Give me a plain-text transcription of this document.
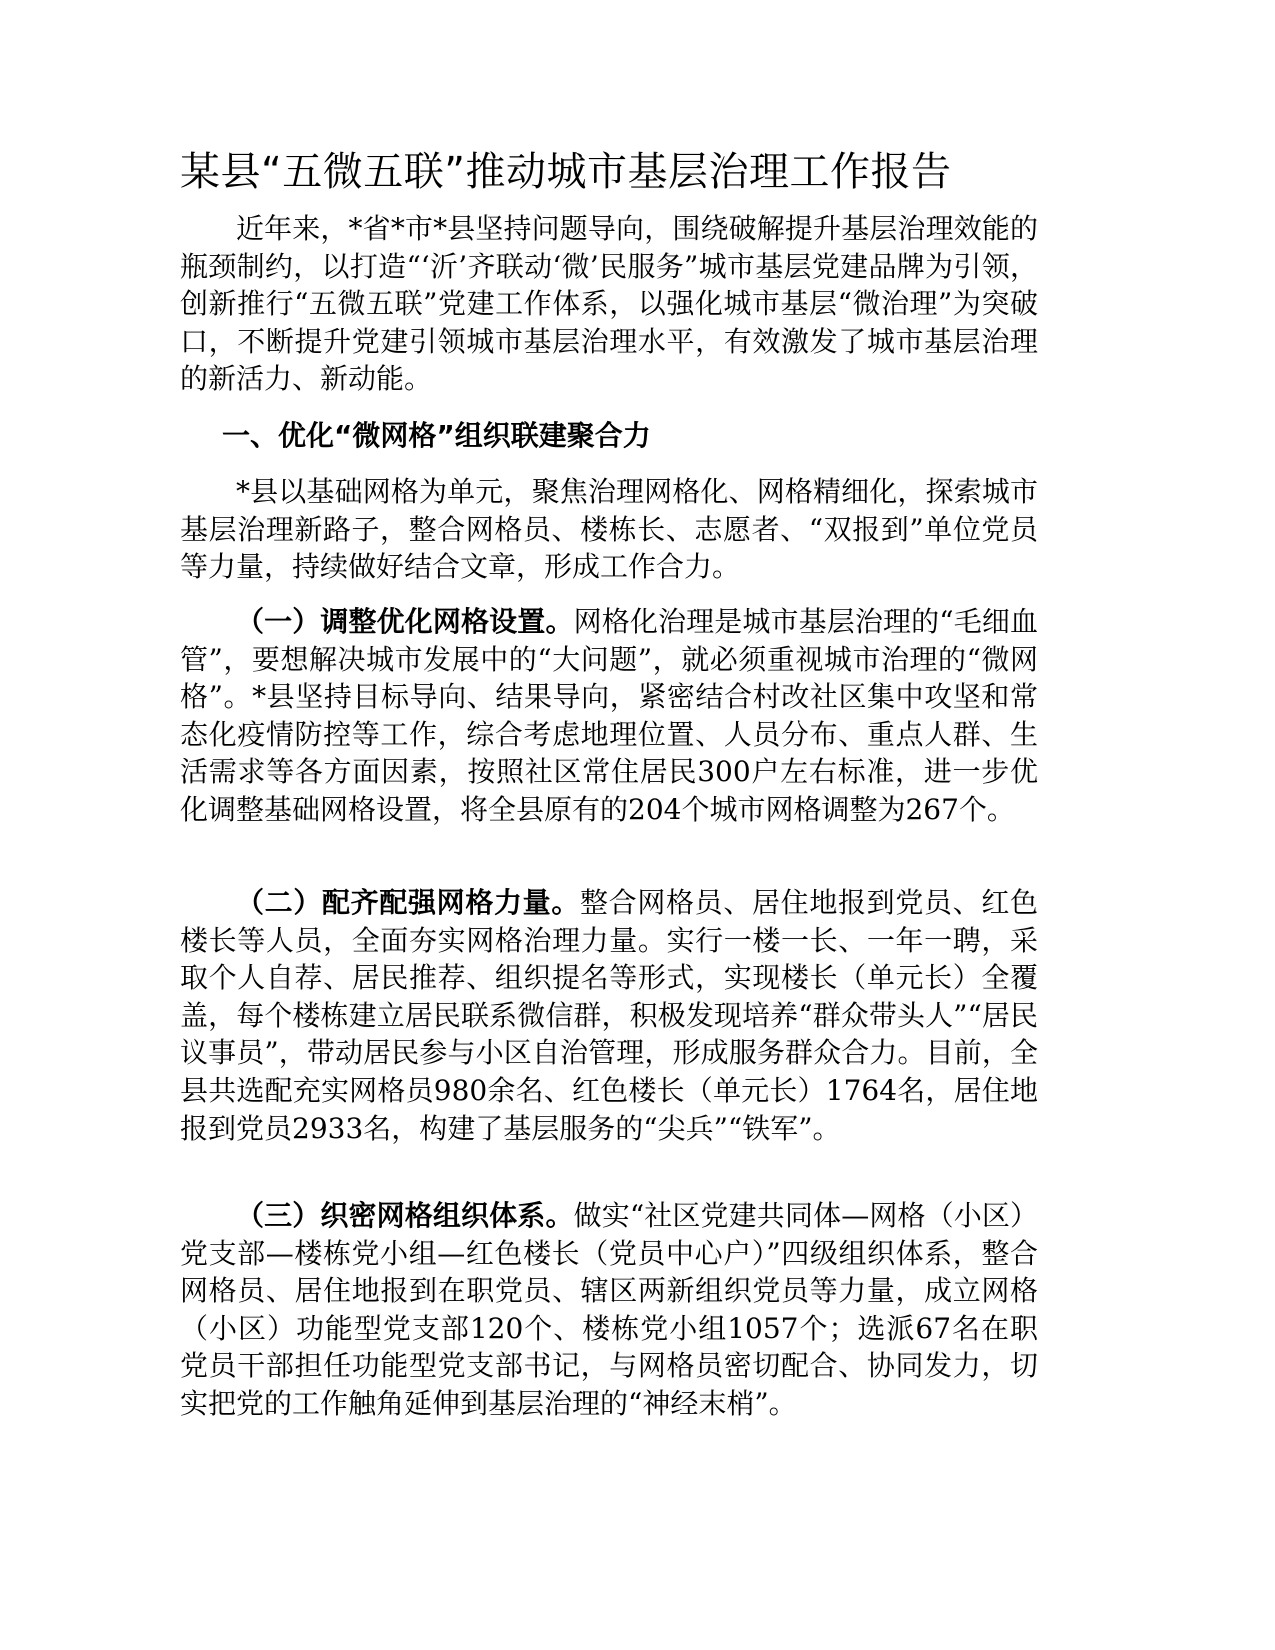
某县“五微五联”推动城市基层治理工作报告

近年来，*省*市*县坚持问题导向，围绕破解提升基层治理效能的瓶颈制约，以打造“‘沂’齐联动‘微’民服务”城市基层党建品牌为引领，创新推行“五微五联”党建工作体系，以强化城市基层“微治理”为突破口，不断提升党建引领城市基层治理水平，有效激发了城市基层治理的新活力、新动能。

一、优化“微网格”组织联建聚合力

*县以基础网格为单元，聚焦治理网格化、网格精细化，探索城市基层治理新路子，整合网格员、楼栋长、志愿者、“双报到”单位党员等力量，持续做好结合文章，形成工作合力。

（一）调整优化网格设置。网格化治理是城市基层治理的“毛细血管”，要想解决城市发展中的“大问题”，就必须重视城市治理的“微网格”。*县坚持目标导向、结果导向，紧密结合村改社区集中攻坚和常态化疫情防控等工作，综合考虑地理位置、人员分布、重点人群、生活需求等各方面因素，按照社区常住居民300户左右标准，进一步优化调整基础网格设置，将全县原有的204个城市网格调整为267个。

（二）配齐配强网格力量。整合网格员、居住地报到党员、红色楼长等人员，全面夯实网格治理力量。实行一楼一长、一年一聘，采取个人自荐、居民推荐、组织提名等形式，实现楼长（单元长）全覆盖，每个楼栋建立居民联系微信群，积极发现培养“群众带头人”“居民议事员”，带动居民参与小区自治管理，形成服务群众合力。目前，全县共选配充实网格员980余名、红色楼长（单元长）1764名，居住地报到党员2933名，构建了基层服务的“尖兵”“铁军”。

（三）织密网格组织体系。做实“社区党建共同体—网格（小区）党支部—楼栋党小组—红色楼长（党员中心户）”四级组织体系，整合网格员、居住地报到在职党员、辖区两新组织党员等力量，成立网格（小区）功能型党支部120个、楼栋党小组1057个；选派67名在职党员干部担任功能型党支部书记，与网格员密切配合、协同发力，切实把党的工作触角延伸到基层治理的“神经末梢”。
